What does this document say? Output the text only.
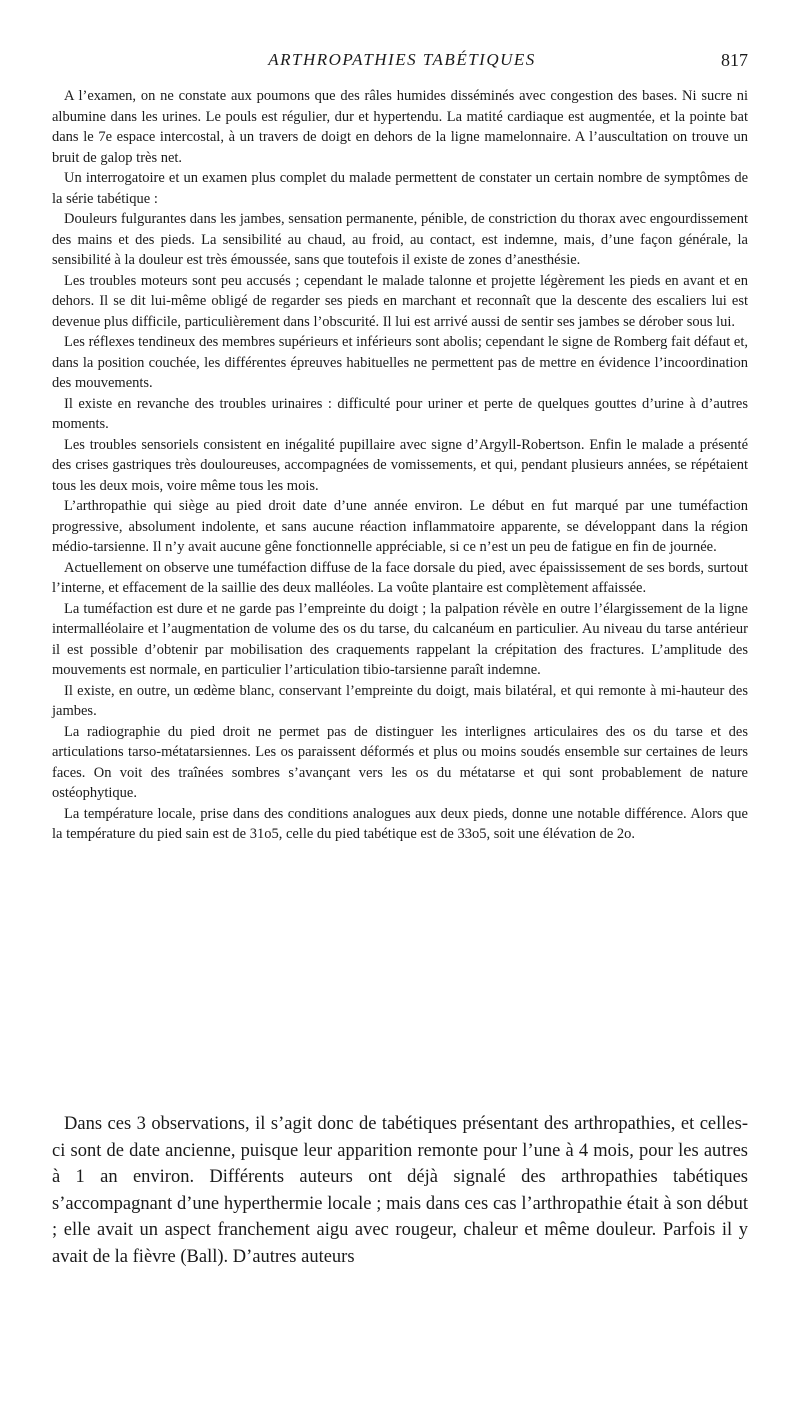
ARTHROPATHIES TABÉTIQUES	817

A l’examen, on ne constate aux poumons que des râles humides disséminés avec congestion des bases. Ni sucre ni albumine dans les urines. Le pouls est régulier, dur et hypertendu. La matité cardiaque est augmentée, et la pointe bat dans le 7e espace intercostal, à un travers de doigt en dehors de la ligne mamelonnaire. A l’auscultation on trouve un bruit de galop très net.

Un interrogatoire et un examen plus complet du malade permettent de constater un certain nombre de symptômes de la série tabétique :

Douleurs fulgurantes dans les jambes, sensation permanente, pénible, de constriction du thorax avec engourdissement des mains et des pieds. La sensibilité au chaud, au froid, au contact, est indemne, mais, d’une façon générale, la sensibilité à la douleur est très émoussée, sans que toutefois il existe de zones d’anesthésie.

Les troubles moteurs sont peu accusés ; cependant le malade talonne et projette légèrement les pieds en avant et en dehors. Il se dit lui-même obligé de regarder ses pieds en marchant et reconnaît que la descente des escaliers lui est devenue plus difficile, particulièrement dans l’obscurité. Il lui est arrivé aussi de sentir ses jambes se dérober sous lui.

Les réflexes tendineux des membres supérieurs et inférieurs sont abolis; cependant le signe de Romberg fait défaut et, dans la position couchée, les différentes épreuves habituelles ne permettent pas de mettre en évidence l’incoordination des mouvements.

Il existe en revanche des troubles urinaires : difficulté pour uriner et perte de quelques gouttes d’urine à d’autres moments.

Les troubles sensoriels consistent en inégalité pupillaire avec signe d’Argyll-Robertson. Enfin le malade a présenté des crises gastriques très douloureuses, accompagnées de vomissements, et qui, pendant plusieurs années, se répétaient tous les deux mois, voire même tous les mois.

L’arthropathie qui siège au pied droit date d’une année environ. Le début en fut marqué par une tuméfaction progressive, absolument indolente, et sans aucune réaction inflammatoire apparente, se développant dans la région médio-tarsienne. Il n’y avait aucune gêne fonctionnelle appréciable, si ce n’est un peu de fatigue en fin de journée.

Actuellement on observe une tuméfaction diffuse de la face dorsale du pied, avec épaississement de ses bords, surtout l’interne, et effacement de la saillie des deux malléoles. La voûte plantaire est complètement affaissée.

La tuméfaction est dure et ne garde pas l’empreinte du doigt ; la palpation révèle en outre l’élargissement de la ligne intermalléolaire et l’augmentation de volume des os du tarse, du calcanéum en particulier. Au niveau du tarse antérieur il est possible d’obtenir par mobilisation des craquements rappelant la crépitation des fractures. L’amplitude des mouvements est normale, en particulier l’articulation tibio-tarsienne paraît indemne.

Il existe, en outre, un œdème blanc, conservant l’empreinte du doigt, mais bilatéral, et qui remonte à mi-hauteur des jambes.

La radiographie du pied droit ne permet pas de distinguer les interlignes articulaires des os du tarse et des articulations tarso-métatarsiennes. Les os paraissent déformés et plus ou moins soudés ensemble sur certaines de leurs faces. On voit des traînées sombres s’avançant vers les os du métatarse et qui sont probablement de nature ostéophytique.

La température locale, prise dans des conditions analogues aux deux pieds, donne une notable différence. Alors que la température du pied sain est de 31o5, celle du pied tabétique est de 33o5, soit une élévation de 2o.

Dans ces 3 observations, il s’agit donc de tabétiques présentant des arthropathies, et celles-ci sont de date ancienne, puisque leur apparition remonte pour l’une à 4 mois, pour les autres à 1 an environ. Différents auteurs ont déjà signalé des arthropathies tabétiques s’accompagnant d’une hyperthermie locale ; mais dans ces cas l’arthropathie était à son début ; elle avait un aspect franchement aigu avec rougeur, chaleur et même douleur. Parfois il y avait de la fièvre (Ball). D’autres auteurs
